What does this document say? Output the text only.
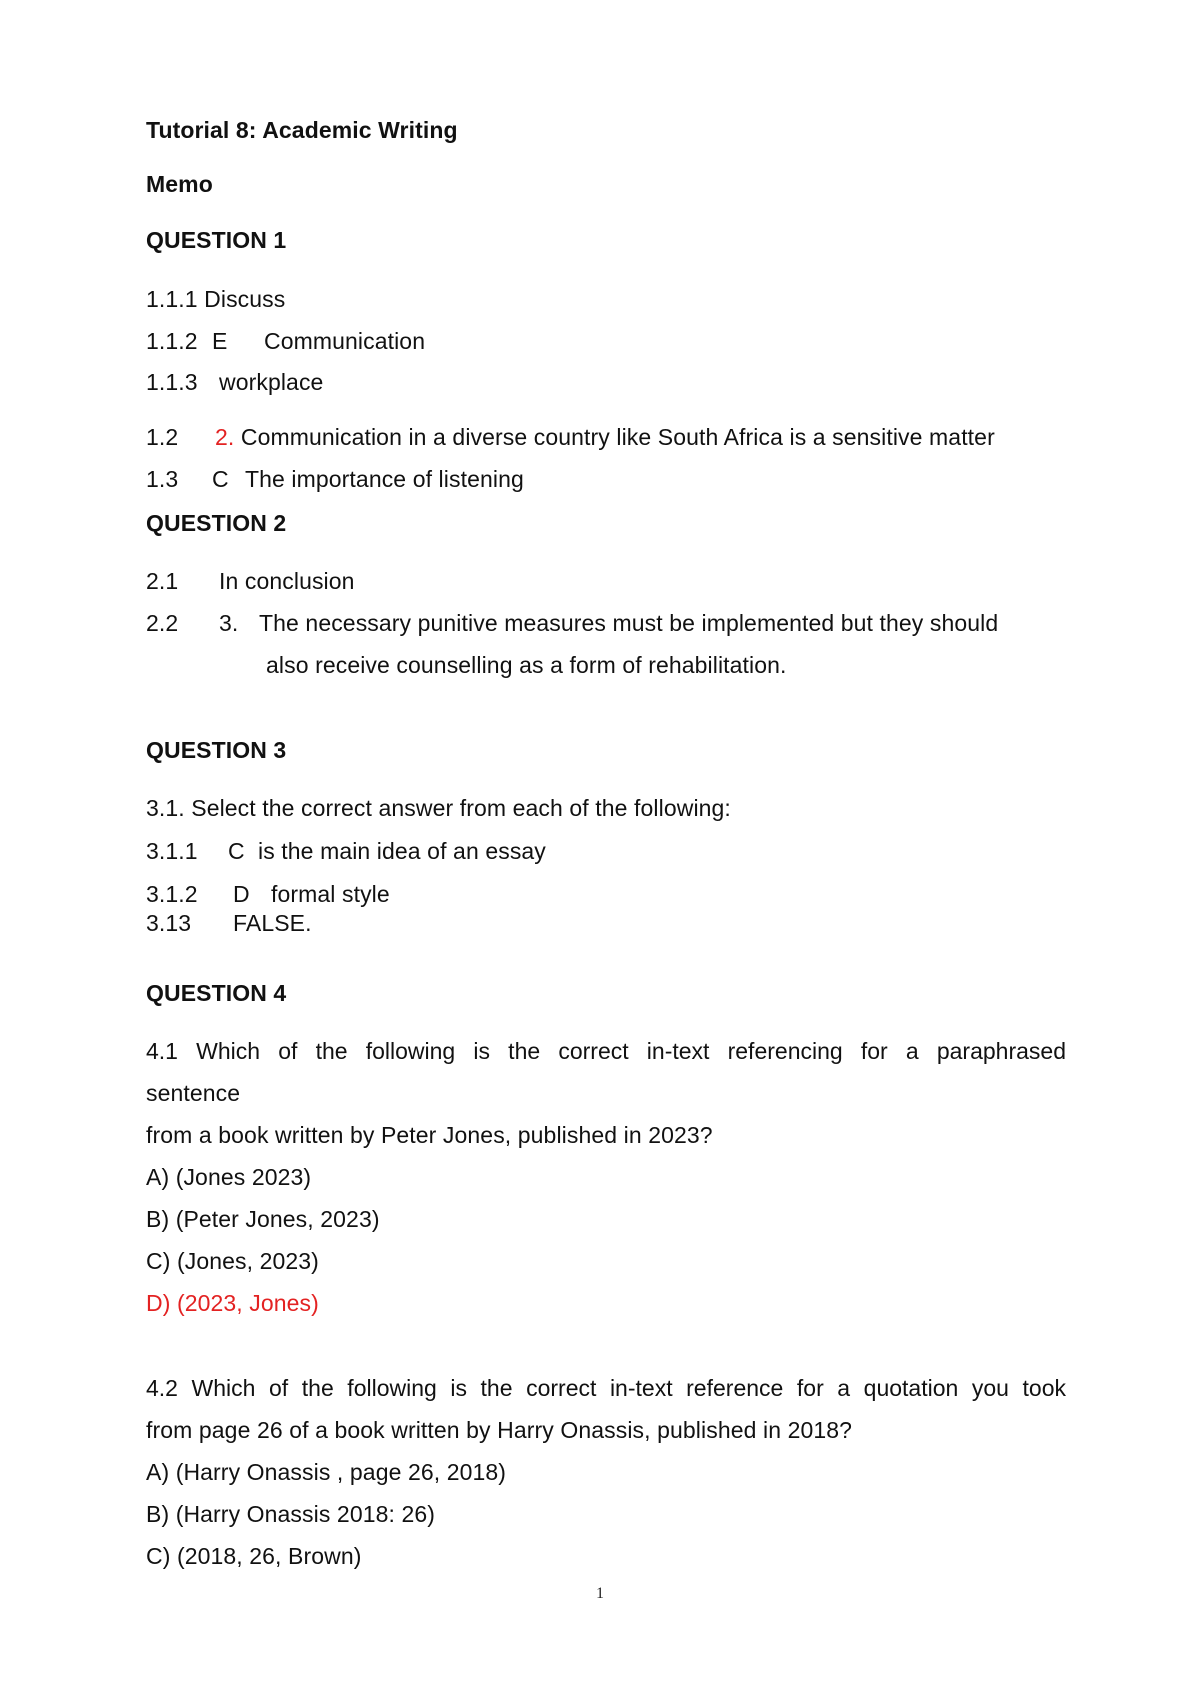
Tutorial 8: Academic Writing
Memo
QUESTION 1
1.1.1 Discuss
1.1.2 E Communication
1.1.3 workplace
1.2 2. Communication in a diverse country like South Africa is a sensitive matter
1.3 C The importance of listening
QUESTION 2
2.1 In conclusion
2.2 3. The necessary punitive measures must be implemented but they should
also receive counselling as a form of rehabilitation.
QUESTION 3
3.1. Select the correct answer from each of the following:
3.1.1 C is the main idea of an essay
3.1.2 D formal style
3.13 FALSE.
QUESTION 4
4.1 Which of the following is the correct in-text referencing for a paraphrased
sentence
from a book written by Peter Jones, published in 2023?
A) (Jones 2023)
B) (Peter Jones, 2023)
C) (Jones, 2023)
D) (2023, Jones)
4.2 Which of the following is the correct in-text reference for a quotation you took
from page 26 of a book written by Harry Onassis, published in 2018?
A) (Harry Onassis , page 26, 2018)
B) (Harry Onassis 2018: 26)
C) (2018, 26, Brown)
1
